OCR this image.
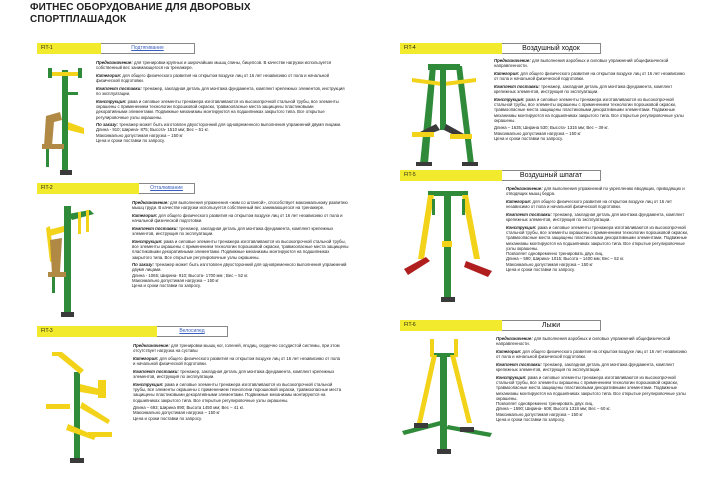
ФИТНЕС ОБОРУДОВАНИЕ ДЛЯ ДВОРОВЫХ СПОРТПЛАШАДОК
FIT-1	Подтягивание

Предназначение: для тренировки крупных и широчайших мышц спины, бицепсов. В качестве нагрузки используется собственный вес занимающегося на тренажере.

Категория: для общего физического развития на открытом воздухе лиц от 16 лет независимо от пола и начальной физической подготовки.

Комплект поставки: тренажер, закладная деталь для монтажа фундамента, комплект крепежных элементов, инструкция по эксплуатации.

Конструкция: рама и силовые элементы тренажера изготавливаются из высокопрочной стальной трубы, все элементы окрашены с применением технологии порошковой окраски, травмоопасные места защищены пластиковыми декоративными элементами. Подвижные механизмы монтируются на подшипниках закрытого типа. Все открытые регулировочные узлы окрашены.

По заказу: тренажер может быть изготовлен двухсторонний для одновременного выполнения упражнений двумя лицами.

Длина - 910; Ширина- 875; Высота- 1510 мм; Вес – 51 кг.
Максимально допустимая нагрузка – 150 кг
Цена и сроки поставки по запросу.
FIT-2	Отталкивание

Предназначение: для выполнения упражнения «жим со штангой», способствует максимальному развитию мышц груди. В качестве нагрузки используется собственный вес занимающегося на тренажере.

Категория: для общего физического развития на открытом воздухе лиц от 16 лет независимо от пола и начальной физической подготовки.

Комплект поставки: тренажер, закладная деталь для монтажа фундамента, комплект крепежных элементов, инструкция по эксплуатации.

Конструкция: рама и силовые элементы тренажера изготавливаются из высокопрочной стальной трубы, все элементы окрашены с применением технологии порошковой окраски, травмоопасные места защищены пластиковыми декоративными элементами. Подвижные механизмы монтируются на подшипниках закрытого типа. Все открытые регулировочные узлы окрашены.

По заказу: тренажер может быть изготовлен двухсторонний для одновременного выполнения упражнений двумя лицами.

Длина - 1065; Ширина- 910; Высота- 1700 мм ; Вес – 52 кг.
Максимально допустимая нагрузка – 150 кг
Цена и сроки поставки по запросу.
FIT-3	Велосипед

Предназначение: для тренировки мышц ног, голеней, ягодиц, сердечно сосудистой системы, при этом отсутствует нагрузка на суставы

Категория: для общего физического развития на открытом воздухе лиц от 16 лет независимо от пола и начальной физической подготовки.

Комплект поставки: тренажер, закладная деталь для монтажа фундамента, комплект крепежных элементов, инструкция по эксплуатации.

Конструкция: рама и силовые элементы тренажера изготавливаются из высокопрочной стальной трубы, все элементы окрашены с применением технологии порошковой окраски, травмоопасные места защищены пластиковыми декоративными элементами. Подвижные механизмы монтируются на подшипниках закрытого типа. Все открытые регулировочные узлы окрашены.

Длина – 693; Ширина 890; Высота 1450 мм; Вес – 41 кг.
Максимально допустимая нагрузка – 150 кг
Цена и сроки поставки по запросу.
FIT-4	Воздушный ходок

Предназначение: для выполнения аэробных и силовых упражнений общефизической направленности.

Категория: для общего физического развития на открытом воздухе лиц от 16 лет независимо от пола и начальной физической подготовки.

Комплект поставки: тренажер, закладная деталь для монтажа фундамента, комплект крепежных элементов, инструкция по эксплуатации.

Конструкция: рама и силовые элементы тренажера изготавливаются из высокопрочной стальной трубы, все элементы окрашены с применением технологии порошковой окраски, травмоопасные места защищены пластиковыми декоративными элементами. Подвижные механизмы монтируются на подшипниках закрытого типа. Все открытые регулировочные узлы окрашены.

Длина – 1635; Ширина 530; Высота- 1315 мм; Вес – 39 кг.
Максимально допустимая нагрузка – 150 кг
Цена и сроки поставки по запросу.
FIT-5	Воздушный шпагат

Предназначение: для выполнения упражнений по укреплению вводящих, приводящих и отводящих мышц бедра.

Категория: для общего физического развития на открытом воздухе лиц от 16 лет независимо от пола и начальной физической подготовки.

Комплект поставки: тренажер, закладная деталь для монтажа фундамента, комплект крепежных элементов, инструкция по эксплуатации.

Конструкция: рама и силовые элементы тренажера изготавливаются из высокопрочной стальной трубы, все элементы окрашены с применением технологии порошковой окраски, травмоопасные места защищены пластиковыми декоративными элементами. Подвижные механизмы монтируются на подшипниках закрытого типа. Все открытые регулировочные узлы окрашены.

Позволяет одновременно тренировать двух лиц.
Длина – 590; Ширина- 1015; Высота – 1400 мм; Вес – 52 кг.
Максимально допустимая нагрузка – 150 кг
Цена и сроки поставки по запросу.
FIT-6	Лыжи

Предназначение: для выполнения аэробных и силовых упражнений общефизической направленности.

Категория: для общего физического развития на открытом воздухе лиц от 16 лет независимо от пола и начальной физической подготовки.

Комплект поставки: тренажер, закладная деталь для монтажа фундамента, комплект крепежных элементов, инструкция по эксплуатации.

Конструкция: рама и силовые элементы тренажера изготавливаются из высокопрочной стальной трубы, все элементы окрашены с применением технологии порошковой окраски, травмоопасные места защищены пластиковыми декоративными элементами. Подвижные механизмы монтируются на подшипниках закрытого типа. Все открытые регулировочные узлы окрашены.

Позволяет одновременно тренировать двух лиц.
Длина – 1590; Ширина- 608; Высота 1318 мм; Вес – 60 кг.
Максимально допустимая нагрузка – 150 кг
Цена и сроки поставки по запросу.
